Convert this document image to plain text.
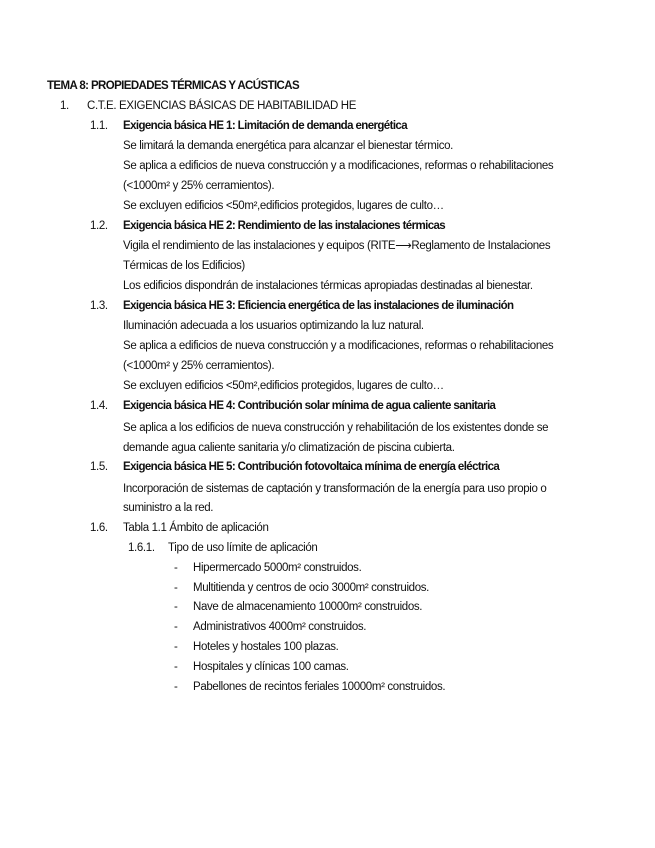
TEMA 8: PROPIEDADES TÉRMICAS Y ACÚSTICAS
1. C.T.E. EXIGENCIAS BÁSICAS DE HABITABILIDAD HE
1.1. Exigencia básica HE 1: Limitación de demanda energética
Se limitará la demanda energética para alcanzar el bienestar térmico.
Se aplica a edificios de nueva construcción y a modificaciones, reformas o rehabilitaciones
(<1000m² y 25% cerramientos).
Se excluyen edificios <50m²,edificios protegidos, lugares de culto…
1.2. Exigencia básica HE 2: Rendimiento de las instalaciones térmicas
Vigila el rendimiento de las instalaciones y equipos (RITE⟶Reglamento de Instalaciones
Térmicas de los Edificios)
Los edificios dispondrán de instalaciones térmicas apropiadas destinadas al bienestar.
1.3. Exigencia básica HE 3: Eficiencia energética de las instalaciones de iluminación
Iluminación adecuada a los usuarios optimizando la luz natural.
Se aplica a edificios de nueva construcción y a modificaciones, reformas o rehabilitaciones
(<1000m² y 25% cerramientos).
Se excluyen edificios <50m²,edificios protegidos, lugares de culto…
1.4. Exigencia básica HE 4: Contribución solar mínima de agua caliente sanitaria
Se aplica a los edificios de nueva construcción y rehabilitación de los existentes donde se
demande agua caliente sanitaria y/o climatización de piscina cubierta.
1.5. Exigencia básica HE 5: Contribución fotovoltaica mínima de energía eléctrica
Incorporación de sistemas de captación y transformación de la energía para uso propio o
suministro a la red.
1.6. Tabla 1.1 Ámbito de aplicación
1.6.1. Tipo de uso límite de aplicación
- Hipermercado 5000m² construidos.
- Multitienda y centros de ocio 3000m² construidos.
- Nave de almacenamiento 10000m² construidos.
- Administrativos 4000m² construidos.
- Hoteles y hostales 100 plazas.
- Hospitales y clínicas 100 camas.
- Pabellones de recintos feriales 10000m² construidos.
